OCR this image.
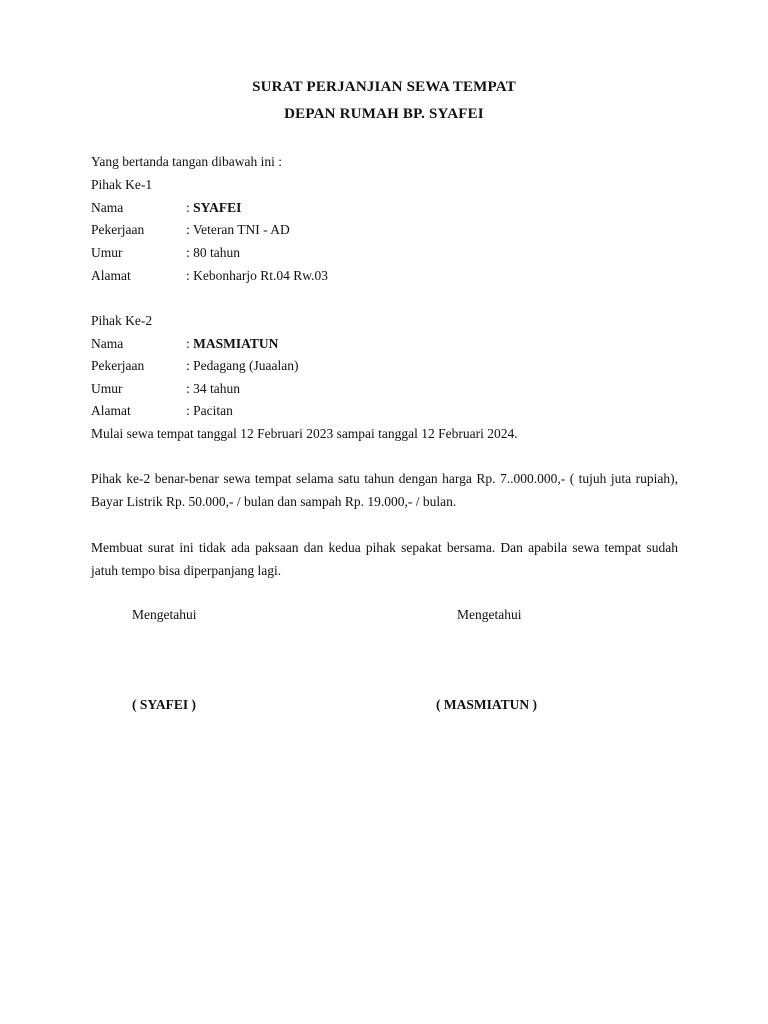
SURAT PERJANJIAN SEWA TEMPAT
DEPAN RUMAH BP. SYAFEI
Yang bertanda tangan dibawah ini :
Pihak Ke-1
Nama	: SYAFEI
Pekerjaan	: Veteran TNI - AD
Umur	: 80 tahun
Alamat	: Kebonharjo Rt.04 Rw.03
Pihak Ke-2
Nama	: MASMIATUN
Pekerjaan	: Pedagang (Juaalan)
Umur	: 34 tahun
Alamat	: Pacitan
Mulai sewa tempat tanggal 12 Februari 2023 sampai tanggal 12 Februari 2024.
Pihak ke-2 benar-benar sewa tempat selama satu tahun dengan harga Rp. 7..000.000,- ( tujuh juta rupiah), Bayar Listrik Rp. 50.000,- / bulan dan sampah Rp. 19.000,- / bulan.
Membuat surat ini tidak ada paksaan dan kedua pihak sepakat bersama. Dan apabila sewa tempat sudah jatuh tempo bisa diperpanjang lagi.
Mengetahui	Mengetahui
( SYAFEI )	( MASMIATUN )
